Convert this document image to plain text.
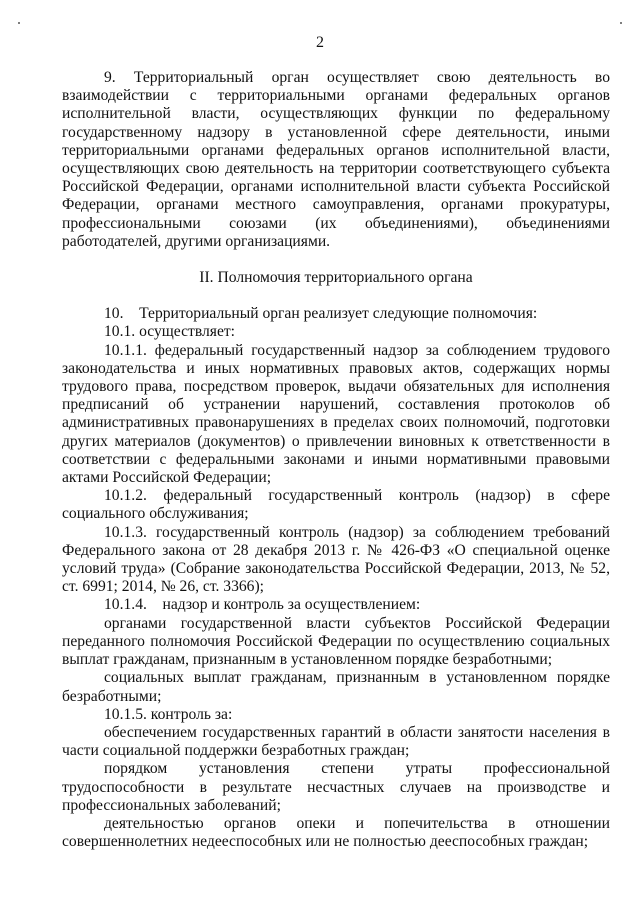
2

9. Территориальный орган осуществляет свою деятельность во взаимодействии с территориальными органами федеральных органов исполнительной власти, осуществляющих функции по федеральному государственному надзору в установленной сфере деятельности, иными территориальными органами федеральных органов исполнительной власти, осуществляющих свою деятельность на территории соответствующего субъекта Российской Федерации, органами исполнительной власти субъекта Российской Федерации, органами местного самоуправления, органами прокуратуры, профессиональными союзами (их объединениями), объединениями работодателей, другими организациями.

II. Полномочия территориального органа

10. Территориальный орган реализует следующие полномочия:

10.1. осуществляет:

10.1.1. федеральный государственный надзор за соблюдением трудового законодательства и иных нормативных правовых актов, содержащих нормы трудового права, посредством проверок, выдачи обязательных для исполнения предписаний об устранении нарушений, составления протоколов об административных правонарушениях в пределах своих полномочий, подготовки других материалов (документов) о привлечении виновных к ответственности в соответствии с федеральными законами и иными нормативными правовыми актами Российской Федерации;

10.1.2. федеральный государственный контроль (надзор) в сфере социального обслуживания;

10.1.3. государственный контроль (надзор) за соблюдением требований Федерального закона от 28 декабря 2013 г. № 426-ФЗ «О специальной оценке условий труда» (Собрание законодательства Российской Федерации, 2013, № 52, ст. 6991; 2014, № 26, ст. 3366);

10.1.4. надзор и контроль за осуществлением:

органами государственной власти субъектов Российской Федерации переданного полномочия Российской Федерации по осуществлению социальных выплат гражданам, признанным в установленном порядке безработными;

социальных выплат гражданам, признанным в установленном порядке безработными;

10.1.5. контроль за:

обеспечением государственных гарантий в области занятости населения в части социальной поддержки безработных граждан;

порядком установления степени утраты профессиональной трудоспособности в результате несчастных случаев на производстве и профессиональных заболеваний;

деятельностью органов опеки и попечительства в отношении совершеннолетних недееспособных или не полностью дееспособных граждан;
